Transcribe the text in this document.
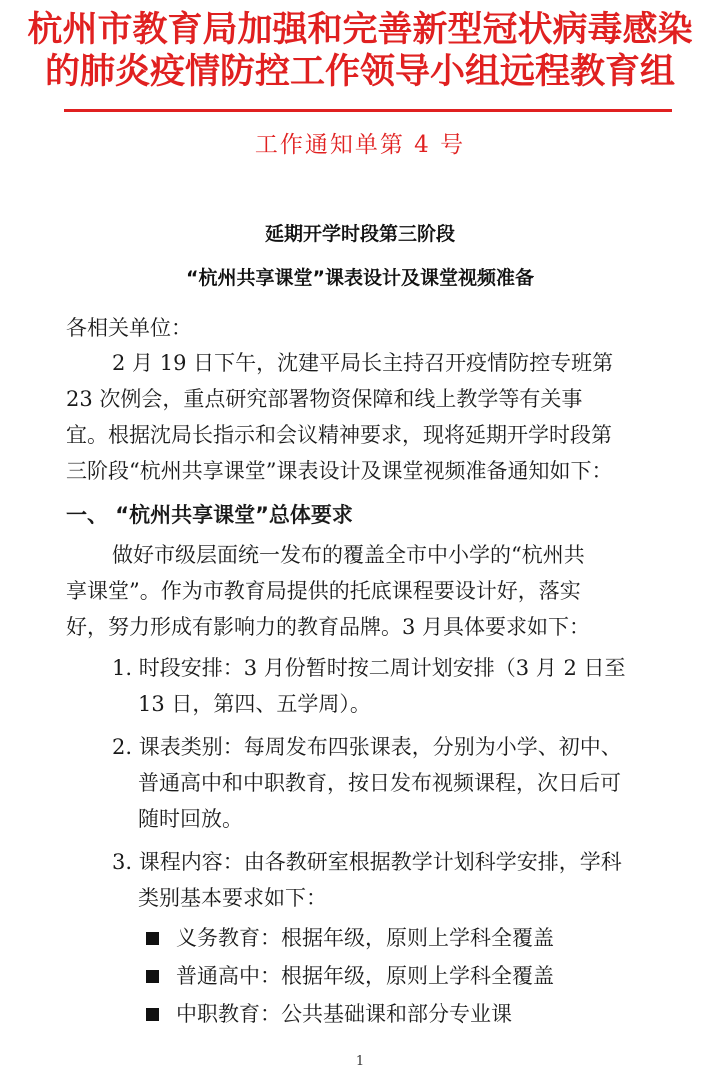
杭州市教育局加强和完善新型冠状病毒感染
的肺炎疫情防控工作领导小组远程教育组
工作通知单第 4 号
延期开学时段第三阶段
“杭州共享课堂”课表设计及课堂视频准备
各相关单位：
2 月 19 日下午，沈建平局长主持召开疫情防控专班第
23 次例会，重点研究部署物资保障和线上教学等有关事
宜。根据沈局长指示和会议精神要求，现将延期开学时段第
三阶段“杭州共享课堂”课表设计及课堂视频准备通知如下：
一、 “杭州共享课堂”总体要求
做好市级层面统一发布的覆盖全市中小学的“杭州共
享课堂”。作为市教育局提供的托底课程要设计好，落实
好，努力形成有影响力的教育品牌。3 月具体要求如下：
1. 时段安排：3 月份暂时按二周计划安排（3 月 2 日至
13 日，第四、五学周）。
2. 课表类别：每周发布四张课表，分别为小学、初中、
普通高中和中职教育，按日发布视频课程，次日后可
随时回放。
3. 课程内容：由各教研室根据教学计划科学安排，学科
类别基本要求如下：
义务教育：根据年级，原则上学科全覆盖
普通高中：根据年级，原则上学科全覆盖
中职教育：公共基础课和部分专业课
1
